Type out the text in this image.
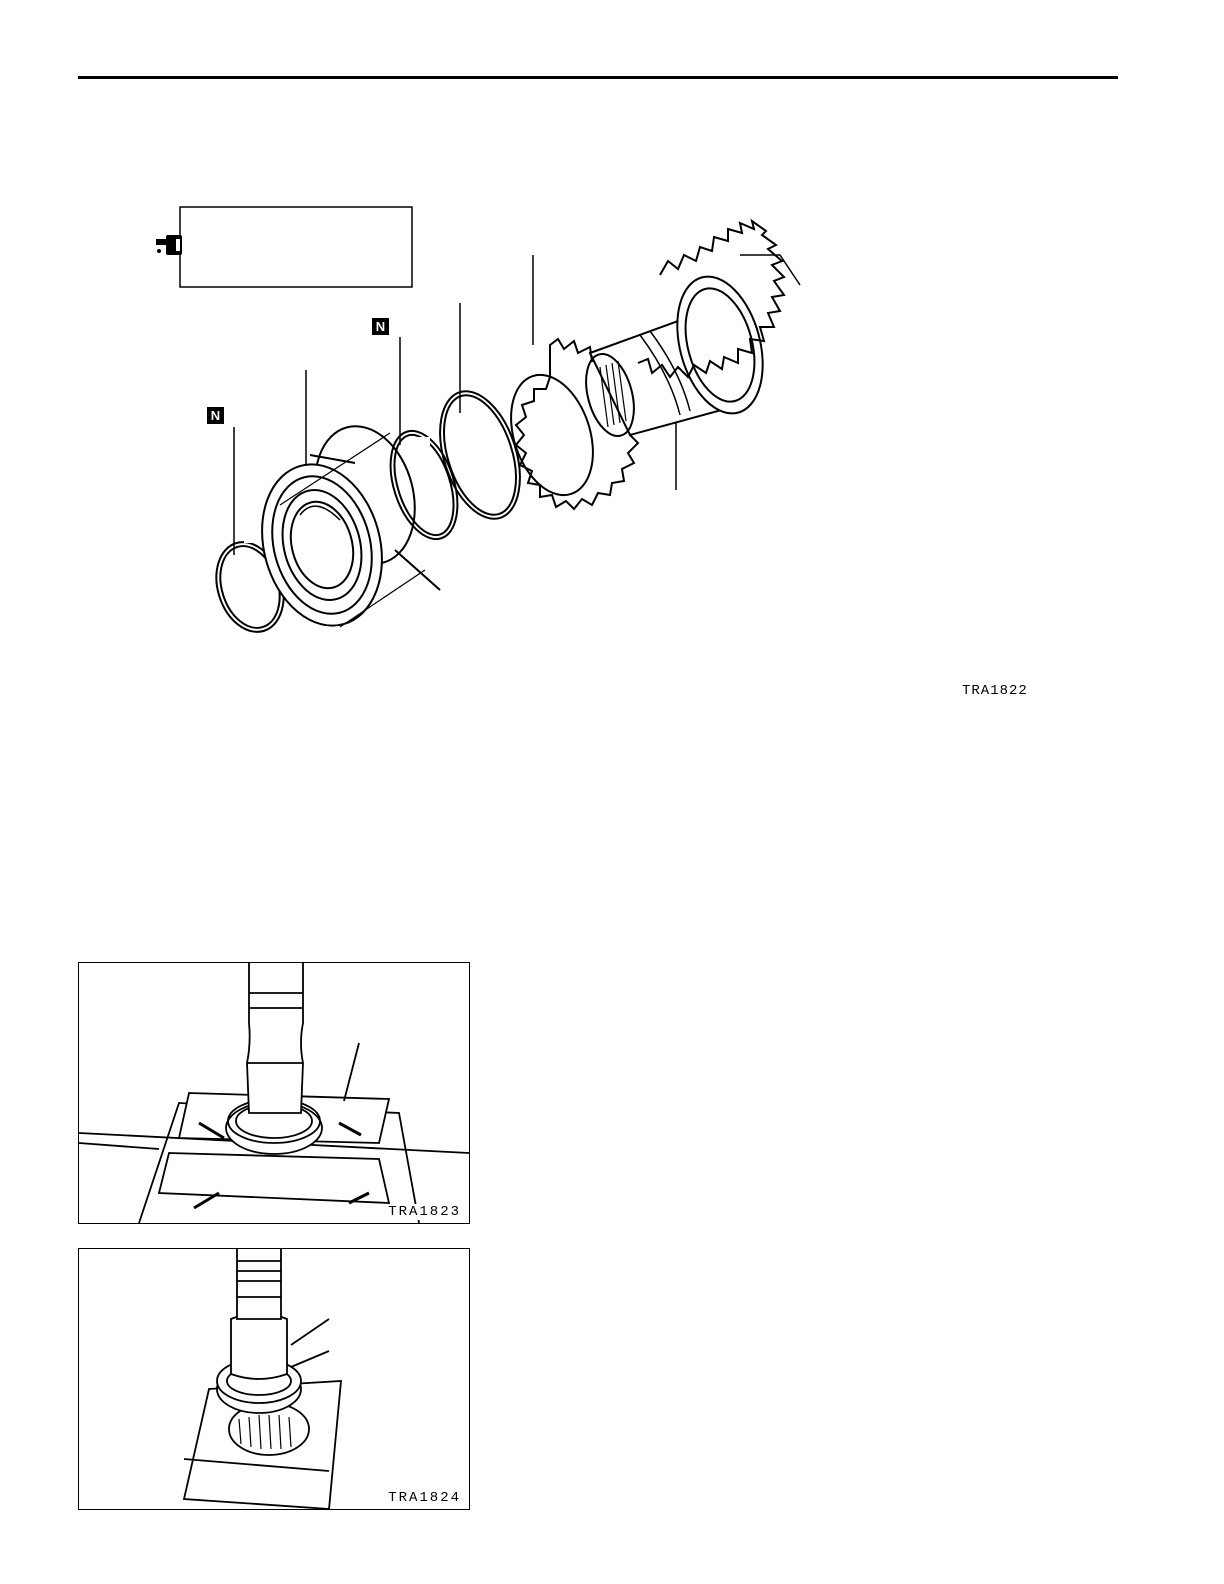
N
N
TRA1822
TRA1823
TRA1824
